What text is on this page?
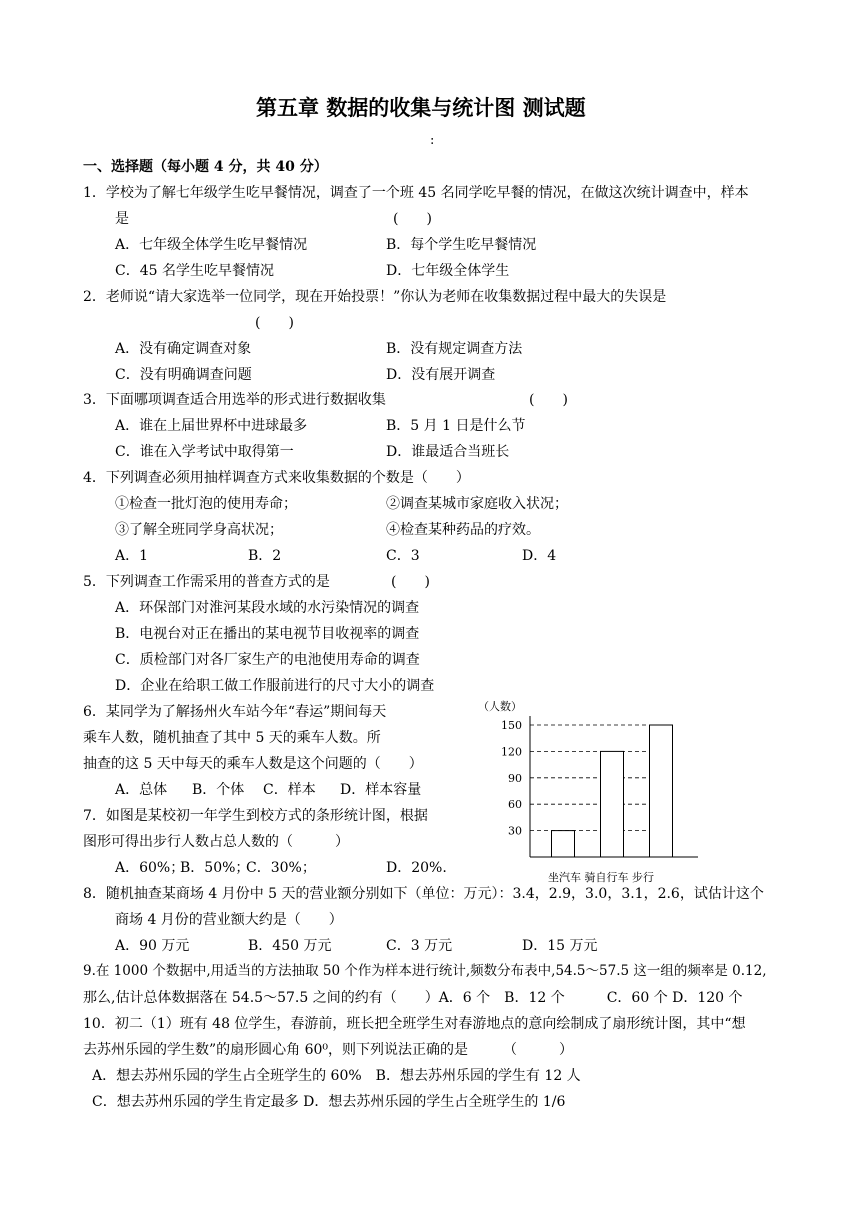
第五章 数据的收集与统计图 测试题
:
一、选择题（每小题 4 分，共 40 分）
1．学校为了解七年级学生吃早餐情况，调查了一个班 45 名同学吃早餐的情况，在做这次统计调查中，样本
是	(　　)
A．七年级全体学生吃早餐情况	B．每个学生吃早餐情况
C．45 名学生吃早餐情况	D．七年级全体学生
2．老师说“请大家选举一位同学，现在开始投票！”你认为老师在收集数据过程中最大的失误是
(　　)
A．没有确定调查对象	B．没有规定调查方法
C．没有明确调查问题	D．没有展开调查
3．下面哪项调查适合用选举的形式进行数据收集	(　　)
A．谁在上届世界杯中进球最多	B．5 月 1 日是什么节
C．谁在入学考试中取得第一	D．谁最适合当班长
4．下列调查必须用抽样调查方式来收集数据的个数是（　　）
①检查一批灯泡的使用寿命；	②调查某城市家庭收入状况；
③了解全班同学身高状况；	④检查某种药品的疗效。
A．1	B．2	C．3	D．4
5．下列调查工作需采用的普查方式的是	(　　)
A．环保部门对淮河某段水域的水污染情况的调查
B．电视台对正在播出的某电视节目收视率的调查
C．质检部门对各厂家生产的电池使用寿命的调查
D．企业在给职工做工作服前进行的尺寸大小的调查
6．某同学为了解扬州火车站今年“春运”期间每天
乘车人数，随机抽查了其中 5 天的乘车人数。所
抽查的这 5 天中每天的乘车人数是这个问题的（　　）
A．总体 B．个体 C．样本 D．样本容量
7．如图是某校初一年学生到校方式的条形统计图，根据
图形可得出步行人数占总人数的（　　　）
A．60%；
B．50%；
C．30%；	D．20%.
8．随机抽查某商场 4 月份中 5 天的营业额分别如下（单位：万元）：3.4，2.9，3.0，3.1，2.6，试估计这个
商场 4 月份的营业额大约是（　　）
A．90 万元	B．450 万元	C．3 万元	D．15 万元
9.在 1000 个数据中,用适当的方法抽取 50 个作为样本进行统计,频数分布表中,54.5～57.5 这一组的频率是 0.12,
那么,估计总体数据落在 54.5～57.5 之间的约有（　　）A．6 个　B．12 个　　　C．60 个 D．120 个
10．初二（1）班有 48 位学生，春游前，班长把全班学生对春游地点的意向绘制成了扇形统计图，其中“想
去苏州乐园的学生数”的扇形圆心角 60⁰，则下列说法正确的是　　　（　　　）
A．想去苏州乐园的学生占全班学生的 60%　B．想去苏州乐园的学生有 12 人
C．想去苏州乐园的学生肯定最多 D．想去苏州乐园的学生占全班学生的 1/6
（人数）
30
60
90
120
150
坐汽车 骑自行车 步行
